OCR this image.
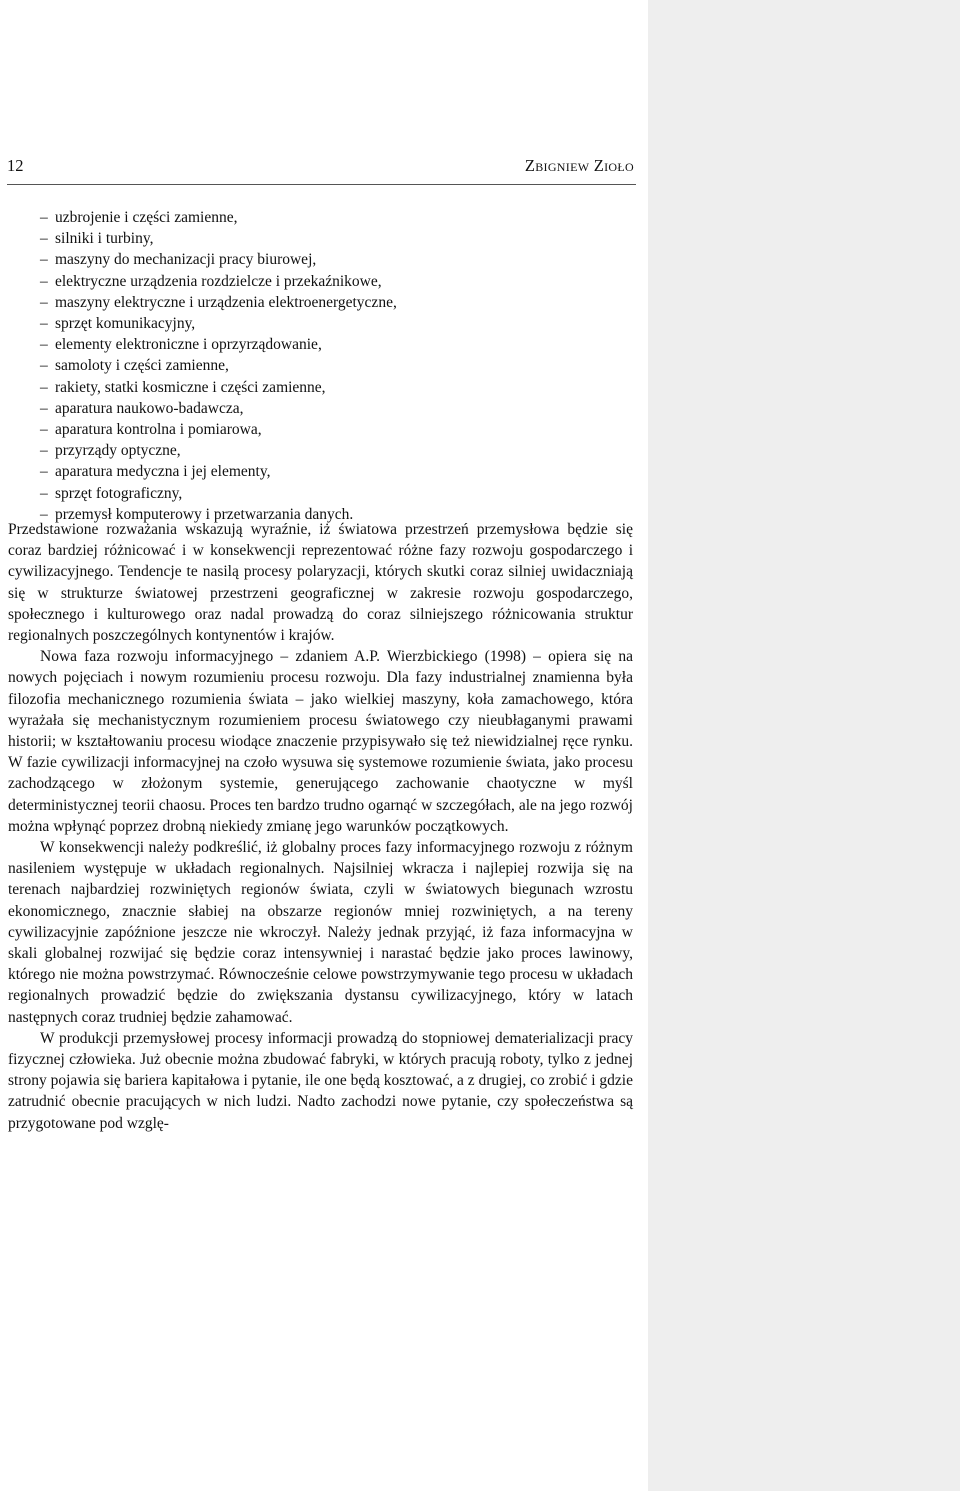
12	Zbigniew Zioło
– uzbrojenie i części zamienne,
– silniki i turbiny,
– maszyny do mechanizacji pracy biurowej,
– elektryczne urządzenia rozdzielcze i przekaźnikowe,
– maszyny elektryczne i urządzenia elektroenergetyczne,
– sprzęt komunikacyjny,
– elementy elektroniczne i oprzyrządowanie,
– samoloty i części zamienne,
– rakiety, statki kosmiczne i części zamienne,
– aparatura naukowo-badawcza,
– aparatura kontrolna i pomiarowa,
– przyrządy optyczne,
– aparatura medyczna i jej elementy,
– sprzęt fotograficzny,
– przemysł komputerowy i przetwarzania danych.

Przedstawione rozważania wskazują wyraźnie, iż światowa przestrzeń przemysłowa będzie się coraz bardziej różnicować i w konsekwencji reprezentować różne fazy rozwoju gospodarczego i cywilizacyjnego. Tendencje te nasilą procesy polaryzacji, których skutki coraz silniej uwidaczniają się w strukturze światowej przestrzeni geograficznej w zakresie rozwoju gospodarczego, społecznego i kulturowego oraz nadal prowadzą do coraz silniejszego różnicowania struktur regionalnych poszczególnych kontynentów i krajów.

Nowa faza rozwoju informacyjnego – zdaniem A.P. Wierzbickiego (1998) – opiera się na nowych pojęciach i nowym rozumieniu procesu rozwoju. Dla fazy industrialnej znamienna była filozofia mechanicznego rozumienia świata – jako wielkiej maszyny, koła zamachowego, która wyrażała się mechanistycznym rozumieniem procesu światowego czy nieubłaganymi prawami historii; w kształtowaniu procesu wiodące znaczenie przypisywało się też niewidzialnej ręce rynku. W fazie cywilizacji informacyjnej na czoło wysuwa się systemowe rozumienie świata, jako procesu zachodzącego w złożonym systemie, generującego zachowanie chaotyczne w myśl deterministycznej teorii chaosu. Proces ten bardzo trudno ogarnąć w szczegółach, ale na jego rozwój można wpłynąć poprzez drobną niekiedy zmianę jego warunków początkowych.

W konsekwencji należy podkreślić, iż globalny proces fazy informacyjnego rozwoju z różnym nasileniem występuje w układach regionalnych. Najsilniej wkracza i najlepiej rozwija się na terenach najbardziej rozwiniętych regionów świata, czyli w światowych biegunach wzrostu ekonomicznego, znacznie słabiej na obszarze regionów mniej rozwiniętych, a na tereny cywilizacyjnie zapóźnione jeszcze nie wkroczył. Należy jednak przyjąć, iż faza informacyjna w skali globalnej rozwijać się będzie coraz intensywniej i narastać będzie jako proces lawinowy, którego nie można powstrzymać. Równocześnie celowe powstrzymywanie tego procesu w układach regionalnych prowadzić będzie do zwiększania dystansu cywilizacyjnego, który w latach następnych coraz trudniej będzie zahamować.

W produkcji przemysłowej procesy informacji prowadzą do stopniowej dematerializacji pracy fizycznej człowieka. Już obecnie można zbudować fabryki, w których pracują roboty, tylko z jednej strony pojawia się bariera kapitałowa i pytanie, ile one będą kosztować, a z drugiej, co zrobić i gdzie zatrudnić obecnie pracujących w nich ludzi. Nadto zachodzi nowe pytanie, czy społeczeństwa są przygotowane pod wzglę-
